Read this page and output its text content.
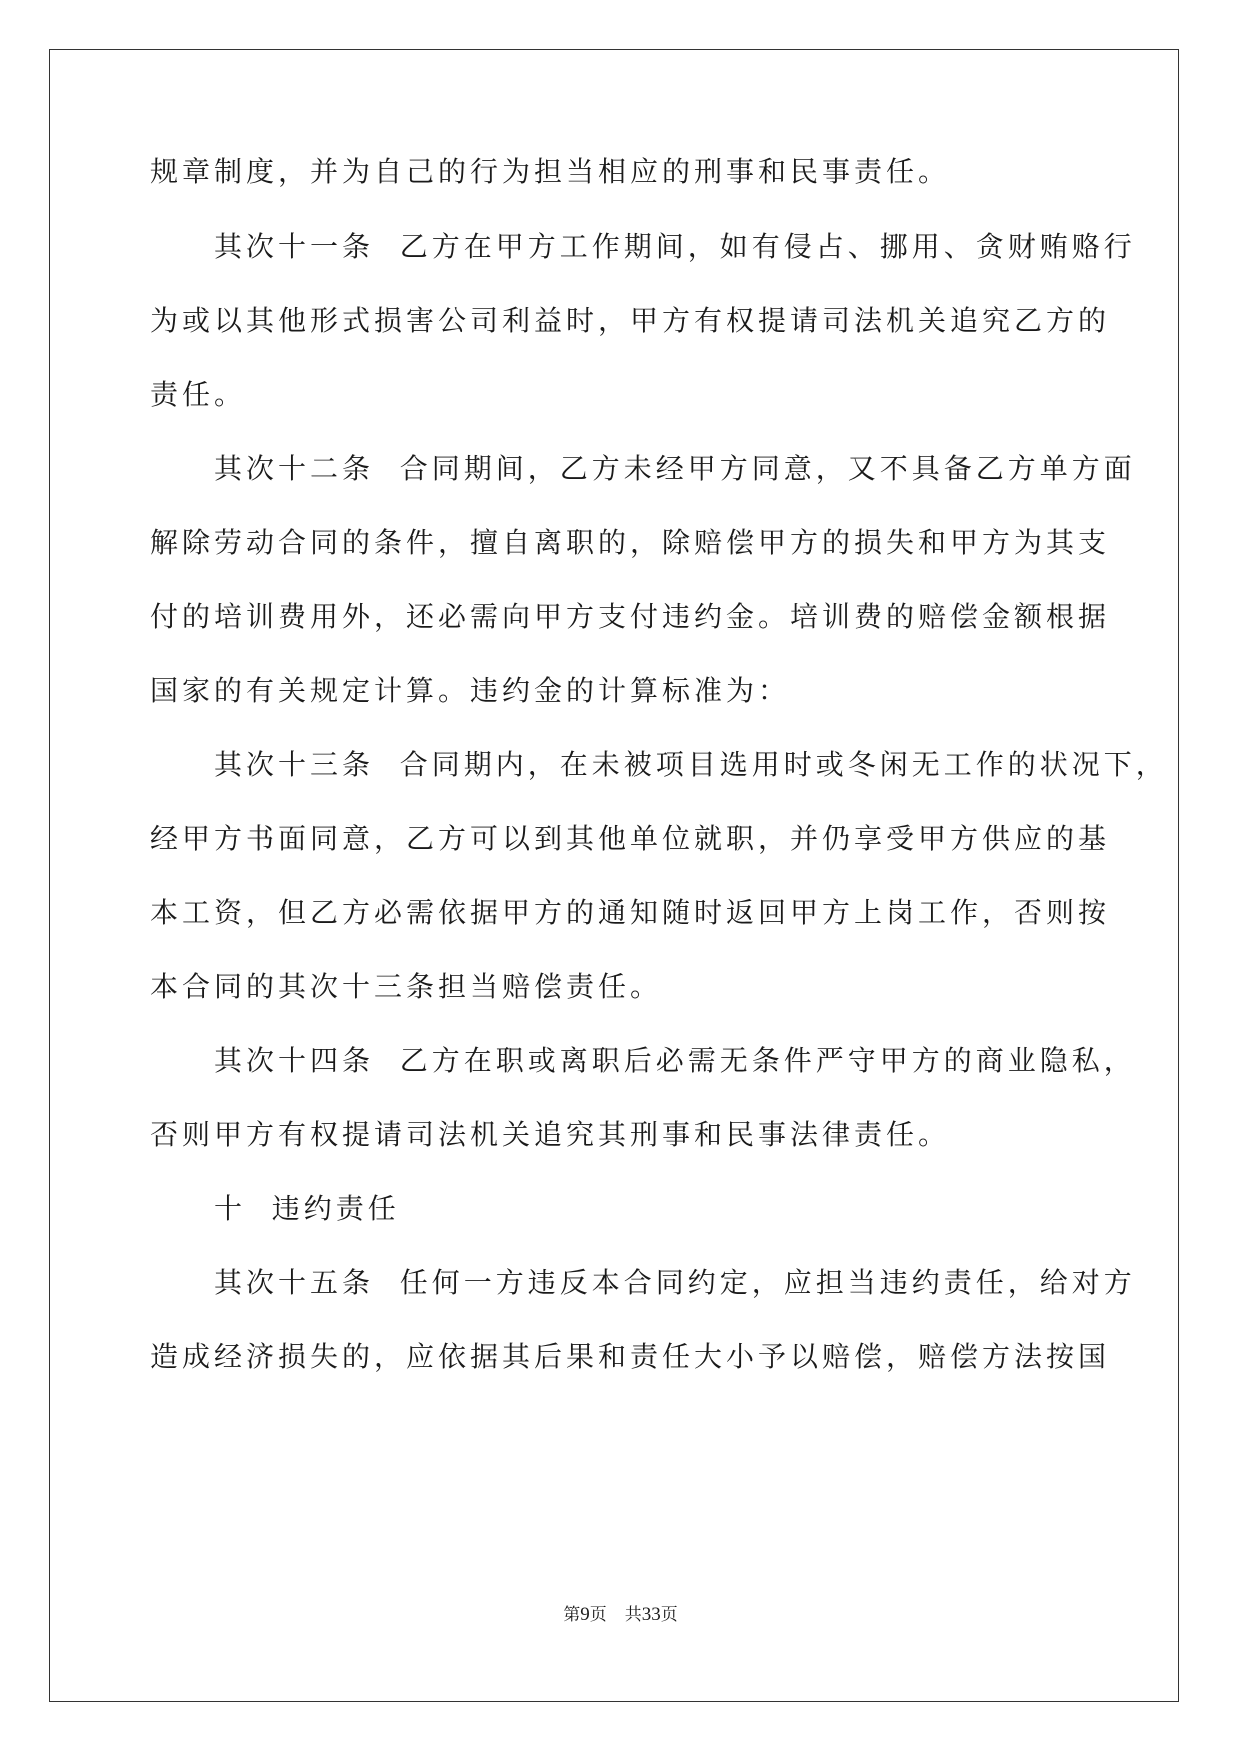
规章制度，并为自己的行为担当相应的刑事和民事责任。

其次十一条  乙方在甲方工作期间，如有侵占、挪用、贪财贿赂行

为或以其他形式损害公司利益时，甲方有权提请司法机关追究乙方的

责任。

其次十二条  合同期间，乙方未经甲方同意，又不具备乙方单方面

解除劳动合同的条件，擅自离职的，除赔偿甲方的损失和甲方为其支

付的培训费用外，还必需向甲方支付违约金。培训费的赔偿金额根据

国家的有关规定计算。违约金的计算标准为：

其次十三条  合同期内，在未被项目选用时或冬闲无工作的状况下，

经甲方书面同意，乙方可以到其他单位就职，并仍享受甲方供应的基

本工资，但乙方必需依据甲方的通知随时返回甲方上岗工作，否则按

本合同的其次十三条担当赔偿责任。

其次十四条  乙方在职或离职后必需无条件严守甲方的商业隐私，

否则甲方有权提请司法机关追究其刑事和民事法律责任。

十  违约责任

其次十五条  任何一方违反本合同约定，应担当违约责任，给对方

造成经济损失的，应依据其后果和责任大小予以赔偿，赔偿方法按国

第9页 共33页
